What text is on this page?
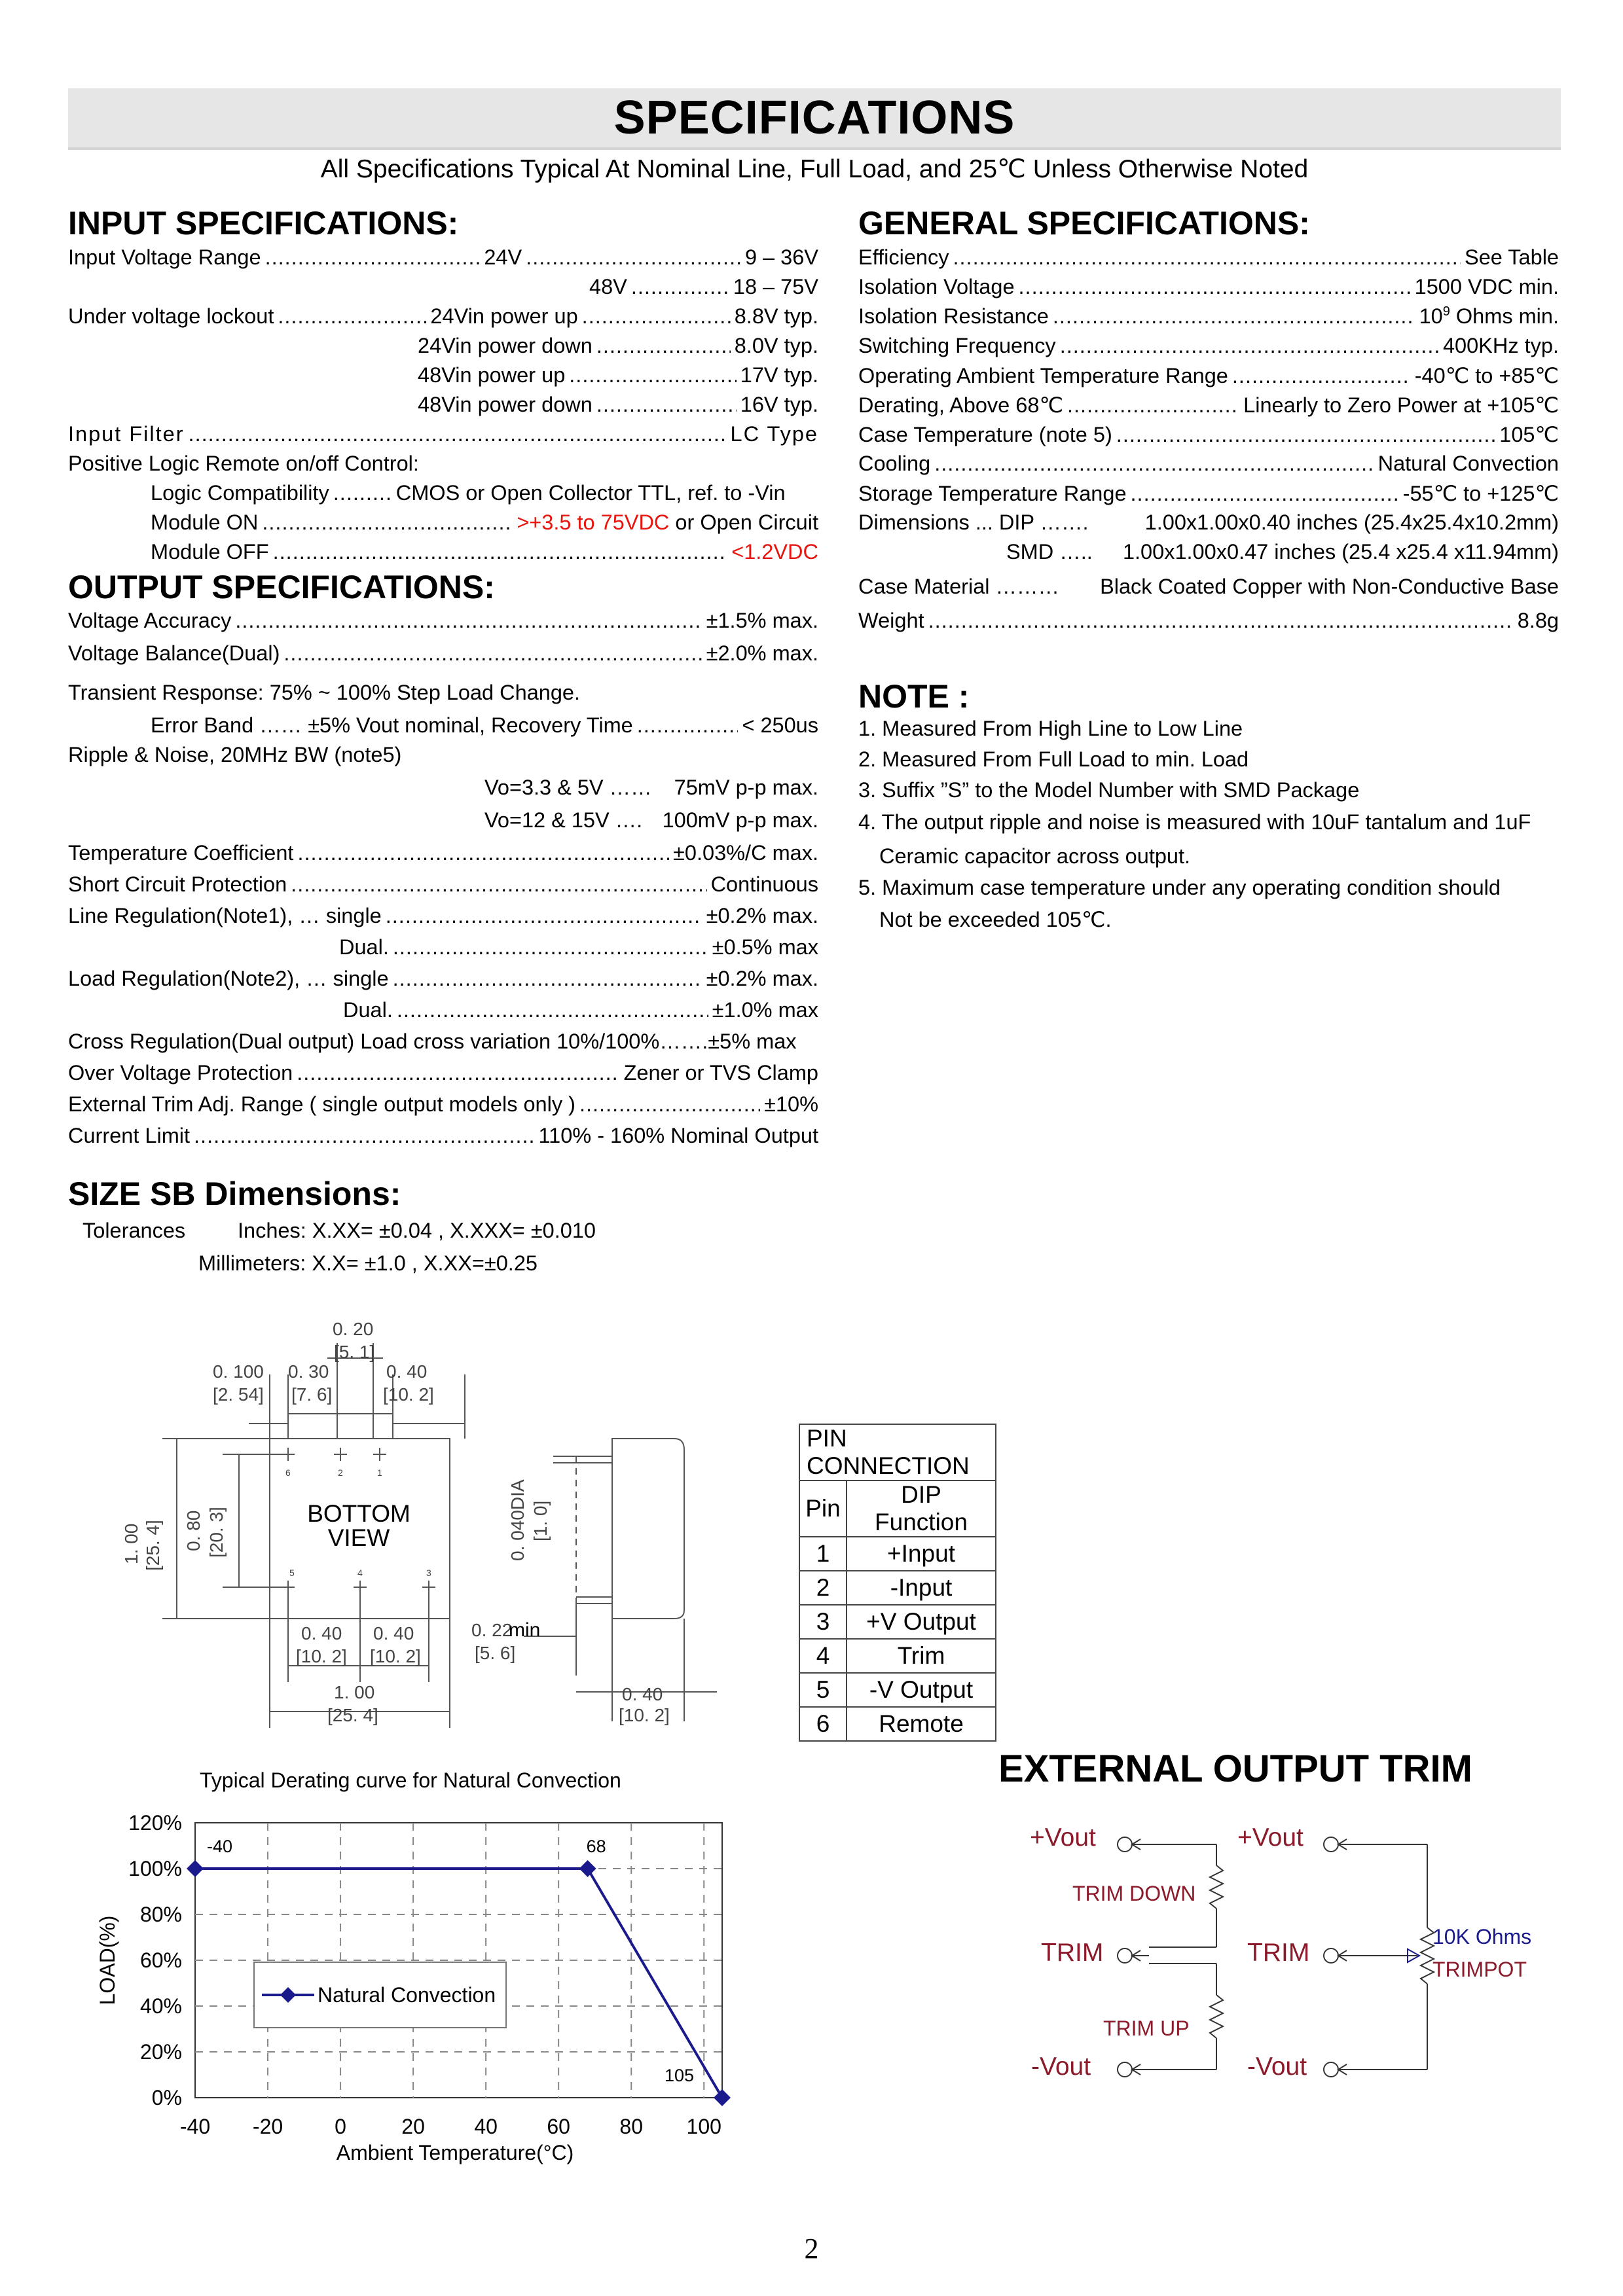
SPECIFICATIONS
All Specifications Typical At Nominal Line, Full Load, and 25℃ Unless Otherwise Noted
INPUT SPECIFICATIONS:
Input Voltage Range .....	24V .....	9 – 36V
48V .....	18 – 75V
Under voltage lockout .....	24Vin power up .....	8.8V typ.
24Vin power down .....	8.0V typ.
48Vin power up .....	17V typ.
48Vin power down .....	16V typ.
Input Filter .....	LC Type
Positive Logic Remote on/off Control:
Logic Compatibility .....	CMOS or Open Collector TTL, ref. to -Vin
Module ON .....	>+3.5 to 75VDC or Open Circuit
Module OFF .....	<1.2VDC
OUTPUT SPECIFICATIONS:
Voltage Accuracy .....	±1.5% max.
Voltage Balance(Dual) .....	±2.0% max.
Transient Response: 75% ~ 100% Step Load Change.
Error Band …… ±5% Vout nominal, Recovery Time .....	< 250us
Ripple & Noise, 20MHz BW (note5)
Vo=3.3 & 5V …… 75mV p-p max.
Vo=12 & 15V …. 100mV p-p max.
Temperature Coefficient .....	±0.03%/C max.
Short Circuit Protection .....	Continuous
Line Regulation(Note1), … single .....	±0.2% max.
Dual. .....	±0.5% max
Load Regulation(Note2), … single .....	±0.2% max.
Dual. .....	±1.0% max
Cross Regulation(Dual output) Load cross variation 10%/100%…….±5% max
Over Voltage Protection .....	Zener or TVS Clamp
External Trim Adj. Range ( single output models only ) .....	±10%
Current Limit .....	110% - 160% Nominal Output
GENERAL SPECIFICATIONS:
Efficiency .....	See Table
Isolation Voltage .....	1500 VDC min.
Isolation Resistance .....	$10^9$ Ohms min.
Switching Frequency .....	400KHz typ.
Operating Ambient Temperature Range .....	-40℃ to +85℃
Derating, Above 68℃ .....	Linearly to Zero Power at +105℃
Case Temperature (note 5) .....	105℃
Cooling .....	Natural Convection
Storage Temperature Range .....	-55℃ to +125℃
Dimensions ... DIP …….	1.00x1.00x0.40 inches (25.4x25.4x10.2mm)
SMD ….. 1.00x1.00x0.47 inches (25.4 x25.4 x11.94mm)
Case Material ……… Black Coated Copper with Non-Conductive Base
Weight .....	8.8g
NOTE :
1. Measured From High Line to Low Line
2. Measured From Full Load to min. Load
3. Suffix ”S” to the Model Number with SMD Package
4. The output ripple and noise is measured with 10uF tantalum and 1uF
Ceramic capacitor across output.
5. Maximum case temperature under any operating condition should
Not be exceeded 105℃.
SIZE SB Dimensions:
Tolerances Inches: X.XX= ±0.04 , X.XXX= ±0.010
Millimeters: X.X= ±1.0 , X.XX=±0.25
0. 20
[5. 1]
0. 100
[2. 54]
0. 30
[7. 6]
0. 40
[10. 2]
0. 40
[10. 2]
0. 40
[10. 2]
1. 00
[25. 4]
0. 22
[5. 6]
0. 40
[10. 2]
min
1. 00 [25. 4] 0. 80 [20. 3]	0. 040DIA [1. 0]
6	2	1
5	4	3
BOTTOM
VIEW
PIN CONNECTION	
Pin	DIP Function
1	+Input
2	-Input
3	+V Output
4	Trim
5	-V Output
6	Remote
Typical Derating curve for Natural Convection
-40 -20 0	20 40 60 80 100
0%
20%
40%
60%
80%
100%
120%
-40	68
105
Natural Convection
Ambient Temperature(°C)
LOAD(%)
EXTERNAL OUTPUT TRIM
+Vout
TRIM
-Vout
+Vout
TRIM
-Vout
TRIM DOWN
TRIM UP
TRIMPOT
10K Ohms
2
